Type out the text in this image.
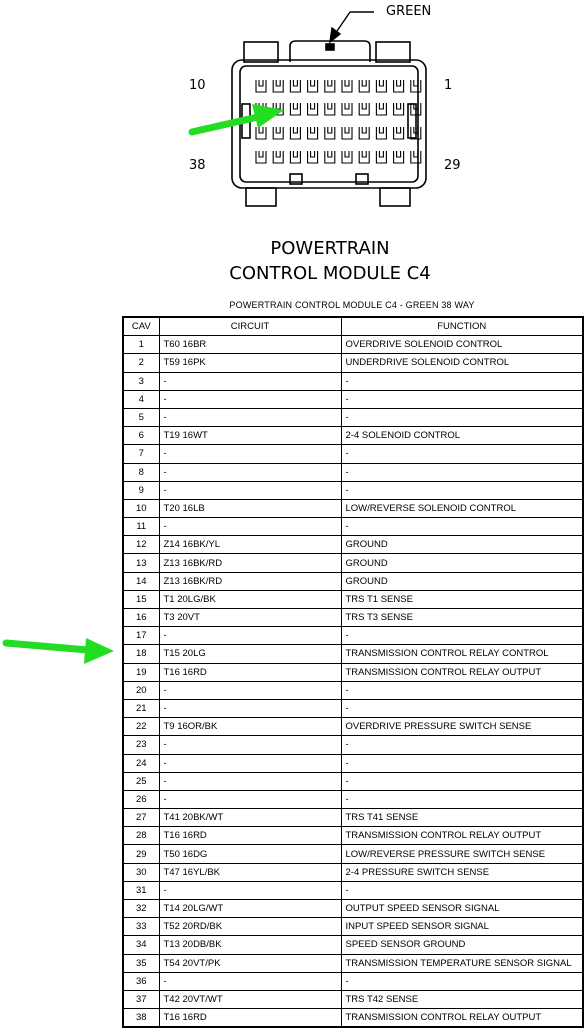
GREEN
10	1
38	29
POWERTRAIN
CONTROL MODULE C4
POWERTRAIN CONTROL MODULE C4 - GREEN 38 WAY
CAV	CIRCUIT	FUNCTION
1	T60 16BR	OVERDRIVE SOLENOID CONTROL
2	T59 16PK	UNDERDRIVE SOLENOID CONTROL
3	-	-
4	-	-
5	-	-
6	T19 16WT	2-4 SOLENOID CONTROL
7	-	-
8	-	-
9	-	-
10	T20 16LB	LOW/REVERSE SOLENOID CONTROL
11	-	-
12	Z14 16BK/YL	GROUND
13	Z13 16BK/RD	GROUND
14	Z13 16BK/RD	GROUND
15	T1 20LG/BK	TRS T1 SENSE
16	T3 20VT	TRS T3 SENSE
17	-	-
18	T15 20LG	TRANSMISSION CONTROL RELAY CONTROL
19	T16 16RD	TRANSMISSION CONTROL RELAY OUTPUT
20	-	-
21	-	-
22	T9 16OR/BK	OVERDRIVE PRESSURE SWITCH SENSE
23	-	-
24	-	-
25	-	-
26	-	-
27	T41 20BK/WT	TRS T41 SENSE
28	T16 16RD	TRANSMISSION CONTROL RELAY OUTPUT
29	T50 16DG	LOW/REVERSE PRESSURE SWITCH SENSE
30	T47 16YL/BK	2-4 PRESSURE SWITCH SENSE
31	-	-
32	T14 20LG/WT	OUTPUT SPEED SENSOR SIGNAL
33	T52 20RD/BK	INPUT SPEED SENSOR SIGNAL
34	T13 20DB/BK	SPEED SENSOR GROUND
35	T54 20VT/PK	TRANSMISSION TEMPERATURE SENSOR SIGNAL
36	-	-
37	T42 20VT/WT	TRS T42 SENSE
38	T16 16RD	TRANSMISSION CONTROL RELAY OUTPUT
